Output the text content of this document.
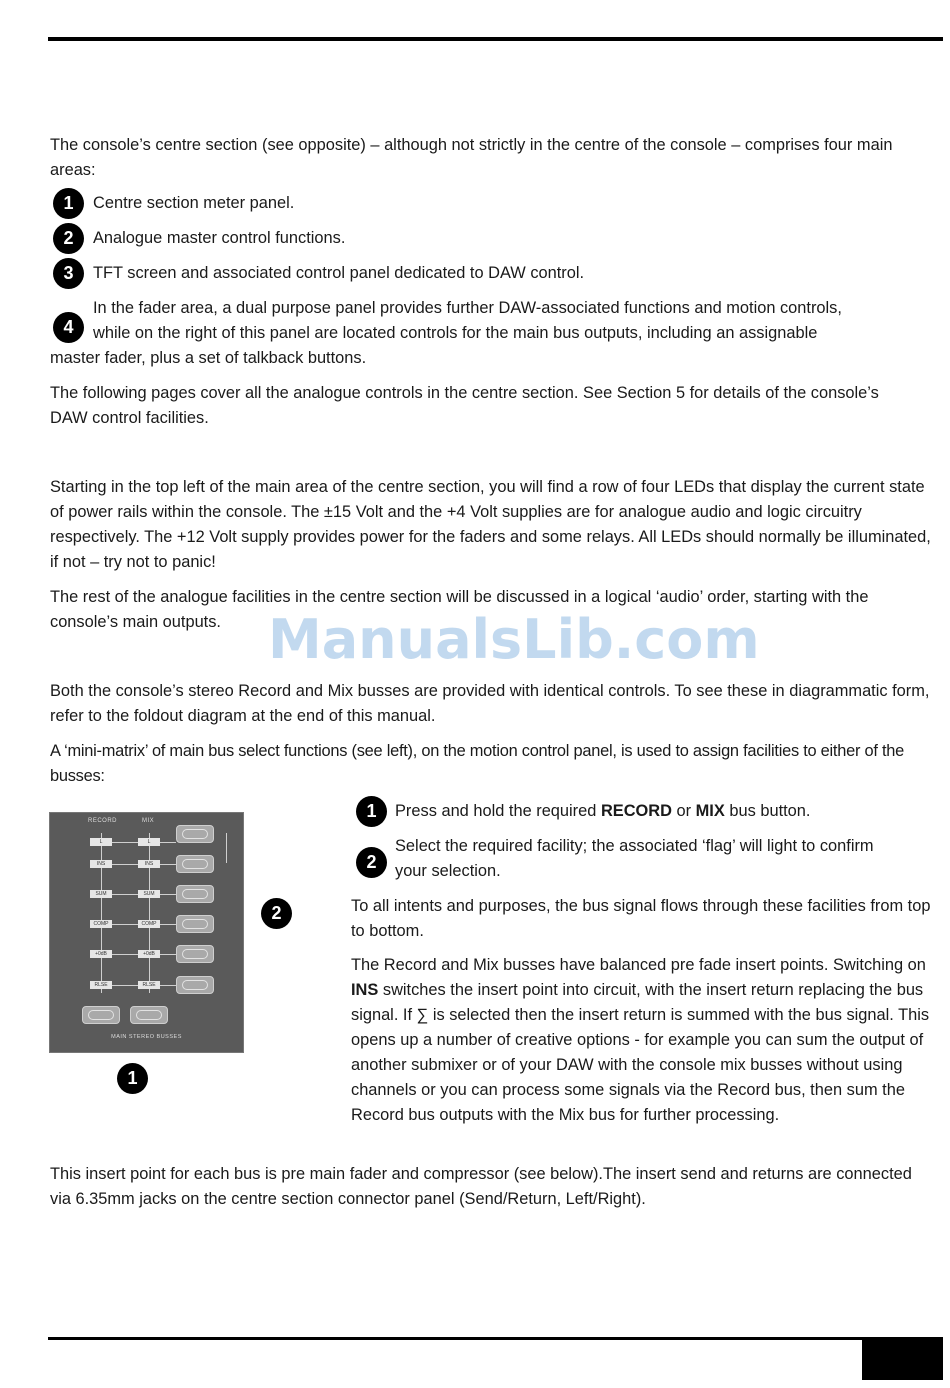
The console’s centre section (see opposite) – although not strictly in the centre of the console – comprises four main areas:

1	Centre section meter panel.

2	Analogue master control functions.

3	TFT screen and associated control panel dedicated to DAW control.

4

In the fader area, a dual purpose panel provides further DAW-associated functions and motion controls,

while on the right of this panel are located controls for the main bus outputs, including an assignable

master fader, plus a set of talkback buttons.

The following pages cover all the analogue controls in the centre section. See Section 5 for details of the console’s DAW control facilities.

Starting in the top left of the main area of the centre section, you will find a row of four LEDs that display the current state of power rails within the console. The ±15 Volt and the +4 Volt supplies are for analogue audio and logic circuitry respectively. The +12 Volt supply provides power for the faders and some relays. All LEDs should normally be illuminated, if not – try not to panic!

The rest of the analogue facilities in the centre section will be discussed in a logical ‘audio’ order, starting with the console’s main outputs. ManualsLib.com

Both the console’s stereo Record and Mix busses are provided with identical controls. To see these in diagrammatic form, refer to the foldout diagram at the end of this manual.

A ‘mini-matrix’ of main bus select functions (see left), on the motion control panel, is used to assign facilities to either of the busses:

RECORD	MIX
L
INS
SUM
COMP
+0dB
RLSE
L
INS
SUM
COMP
+0dB
RLSE
MAIN STEREO BUSSES
2
1
1	Press and hold the required RECORD or MIX bus button.

2

Select the required facility; the associated ‘flag’ will light to confirm

your selection.

To all intents and purposes, the bus signal flows through these facilities from top to bottom.

The Record and Mix busses have balanced pre fade insert points. Switching on INS switches the insert point into circuit, with the insert return replacing the bus signal. If ∑ is selected then the insert return is summed with the bus signal. This opens up a number of creative options - for example you can sum the output of another submixer or of your DAW with the console mix busses without using channels or you can process some signals via the Record bus, then sum the Record bus outputs with the Mix bus for further processing.

This insert point for each bus is pre main fader and compressor (see below).The insert send and returns are connected via 6.35mm jacks on the centre section connector panel (Send/Return, Left/Right).
